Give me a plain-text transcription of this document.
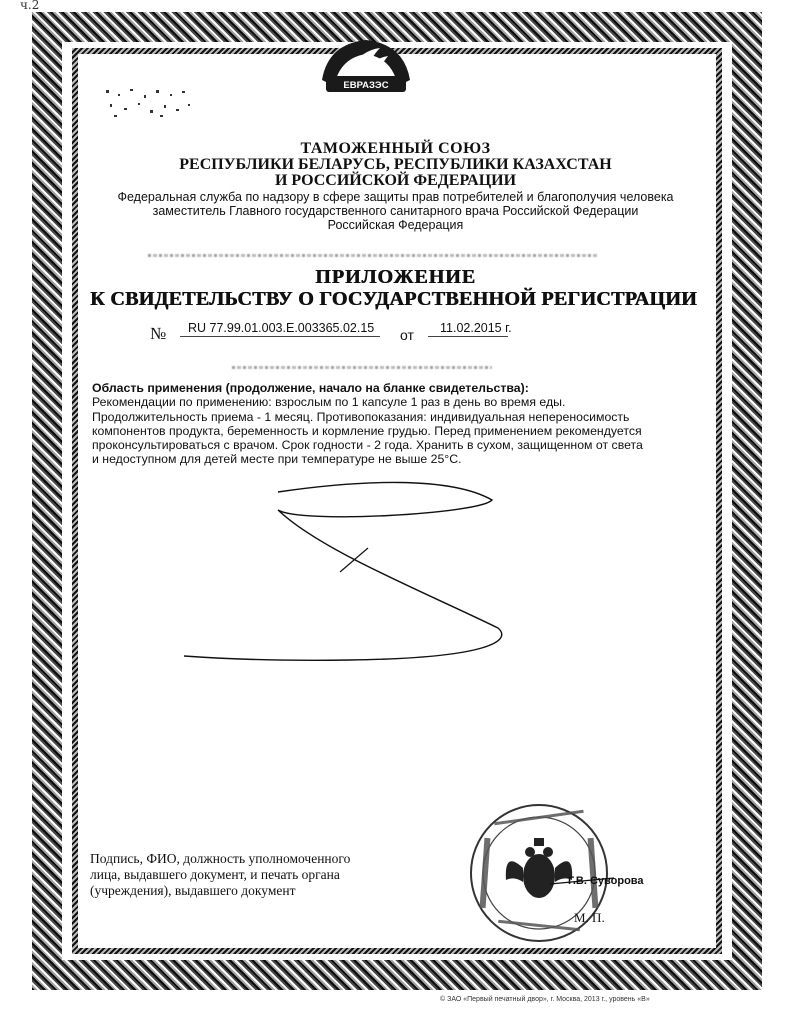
ч.2
ЕВРАЗЭС
ТАМОЖЕННЫЙ СОЮЗ
РЕСПУБЛИКИ БЕЛАРУСЬ, РЕСПУБЛИКИ КАЗАХСТАН
И РОССИЙСКОЙ ФЕДЕРАЦИИ
Федеральная служба по надзору в сфере защиты прав потребителей и благополучия человека
заместитель Главного государственного санитарного врача Российской Федерации
Российская Федерация
ПРИЛОЖЕНИЕ
К СВИДЕТЕЛЬСТВУ О ГОСУДАРСТВЕННОЙ РЕГИСТРАЦИИ
№ RU 77.99.01.003.E.003365.02.15 от 11.02.2015 г.
Область применения (продолжение, начало на бланке свидетельства):
Рекомендации по применению: взрослым по 1 капсуле 1 раз в день во время еды.
Продолжительность приема - 1 месяц. Противопоказания: индивидуальная непереносимость
компонентов продукта, беременность и кормление грудью. Перед применением рекомендуется
проконсультироваться с врачом. Срок годности - 2 года. Хранить в сухом, защищенном от света
и недоступном для детей месте при температуре не выше 25°С.
Подпись, ФИО, должность уполномоченного
лица, выдавшего документ, и печать органа
(учреждения), выдавшего документ
Г.В. Суворова
М. П.
© ЗАО «Первый печатный двор», г. Москва, 2013 г., уровень «В»
